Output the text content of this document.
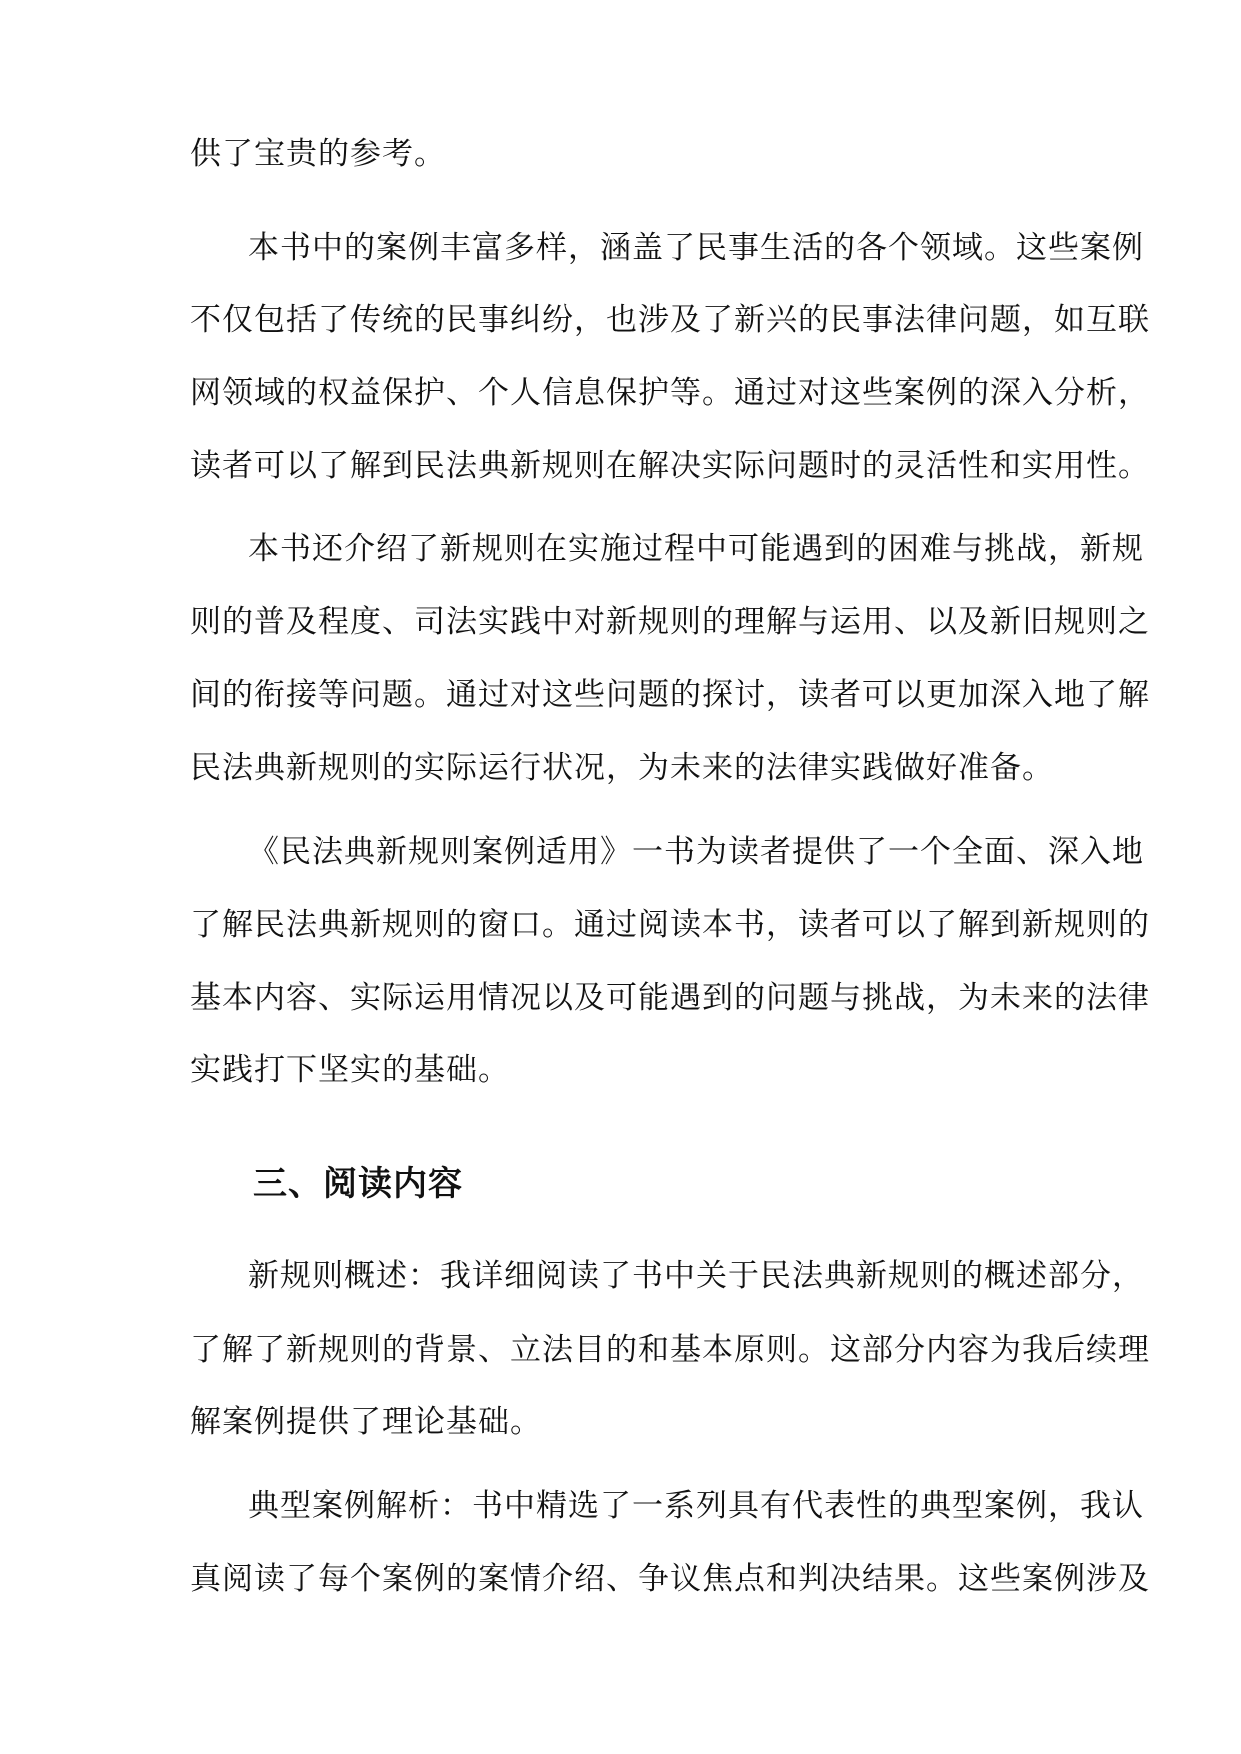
供了宝贵的参考。
本书中的案例丰富多样，涵盖了民事生活的各个领域。这些案例
不仅包括了传统的民事纠纷，也涉及了新兴的民事法律问题，如互联
网领域的权益保护、个人信息保护等。通过对这些案例的深入分析，
读者可以了解到民法典新规则在解决实际问题时的灵活性和实用性。
本书还介绍了新规则在实施过程中可能遇到的困难与挑战，新规
则的普及程度、司法实践中对新规则的理解与运用、以及新旧规则之
间的衔接等问题。通过对这些问题的探讨，读者可以更加深入地了解
民法典新规则的实际运行状况，为未来的法律实践做好准备。
《民法典新规则案例适用》一书为读者提供了一个全面、深入地
了解民法典新规则的窗口。通过阅读本书，读者可以了解到新规则的
基本内容、实际运用情况以及可能遇到的问题与挑战，为未来的法律
实践打下坚实的基础。
三、阅读内容
新规则概述：我详细阅读了书中关于民法典新规则的概述部分，
了解了新规则的背景、立法目的和基本原则。这部分内容为我后续理
解案例提供了理论基础。
典型案例解析：书中精选了一系列具有代表性的典型案例，我认
真阅读了每个案例的案情介绍、争议焦点和判决结果。这些案例涉及
